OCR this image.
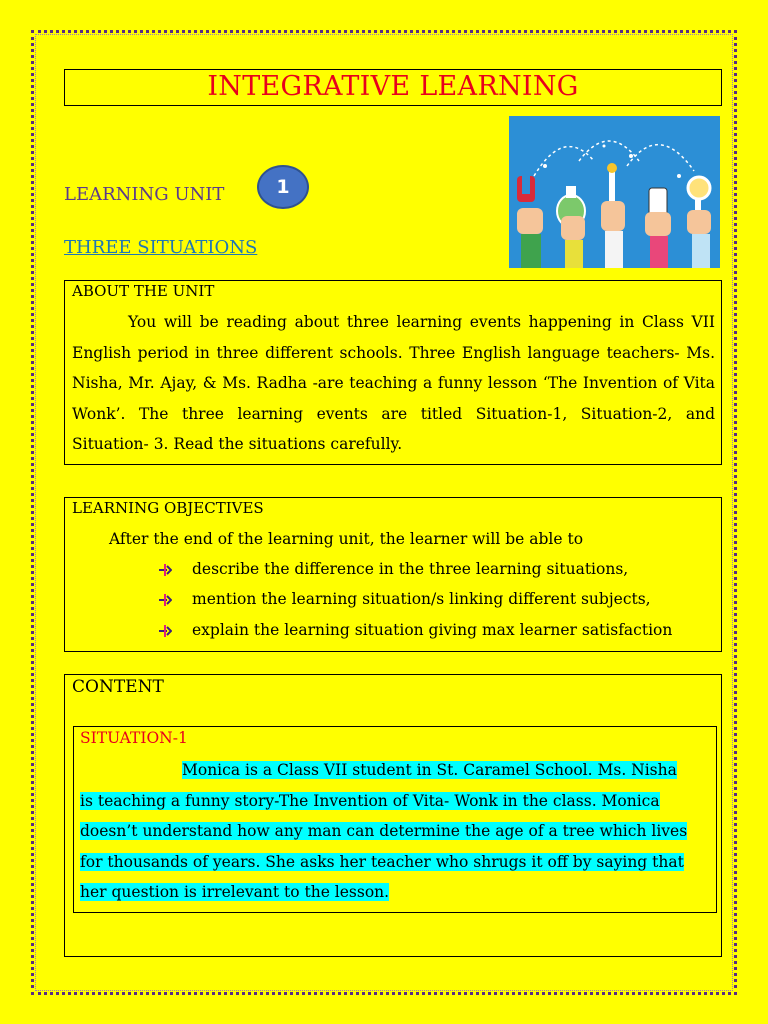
INTEGRATIVE LEARNING
LEARNING UNIT	1
THREE SITUATIONS
ABOUT THE UNIT
You will be reading about three learning events happening in Class VII English period in three different schools. Three English language teachers- Ms. Nisha, Mr. Ajay, & Ms. Radha -are teaching a funny lesson ‘The Invention of Vita Wonk’. The three learning events are titled Situation-1, Situation-2, and Situation- 3. Read the situations carefully.
LEARNING OBJECTIVES
After the end of the learning unit, the learner will be able to
describe the difference in the three learning situations,
mention the learning situation/s linking different subjects,
explain the learning situation giving max learner satisfaction
CONTENT
SITUATION-1
Monica is a Class VII student in St. Caramel School. Ms. Nisha
is teaching a funny story-The Invention of Vita- Wonk in the class. Monica
doesn’t understand how any man can determine the age of a tree which lives
for thousands of years. She asks her teacher who shrugs it off by saying that
her question is irrelevant to the lesson.
